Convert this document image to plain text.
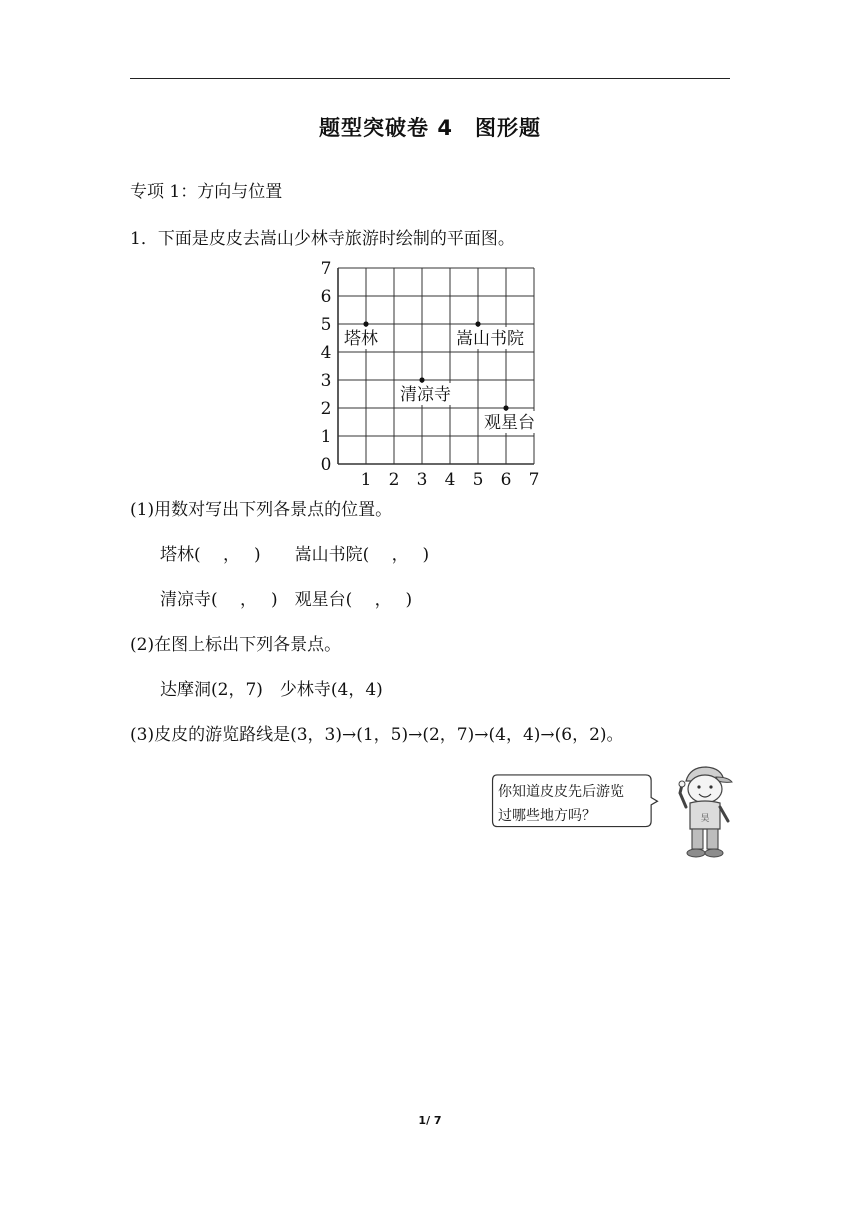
题型突破卷 4　图形题
专项 1：方向与位置
1．下面是皮皮去嵩山少林寺旅游时绘制的平面图。
1 2 3 4 5 6 7
0
1
2
3
4
5
6
7
塔林	嵩山书院
清凉寺
观星台
(1)用数对写出下列各景点的位置。
塔林(　 ，　 )　　嵩山书院(　 ，　 )
清凉寺(　 ，　 )　观星台(　 ，　 )
(2)在图上标出下列各景点。
达摩洞(2，7)　少林寺(4，4)
(3)皮皮的游览路线是(3，3)→(1，5)→(2，7)→(4，4)→(6，2)。
你知道皮皮先后游览
过哪些地方吗？	昊
1/ 7
